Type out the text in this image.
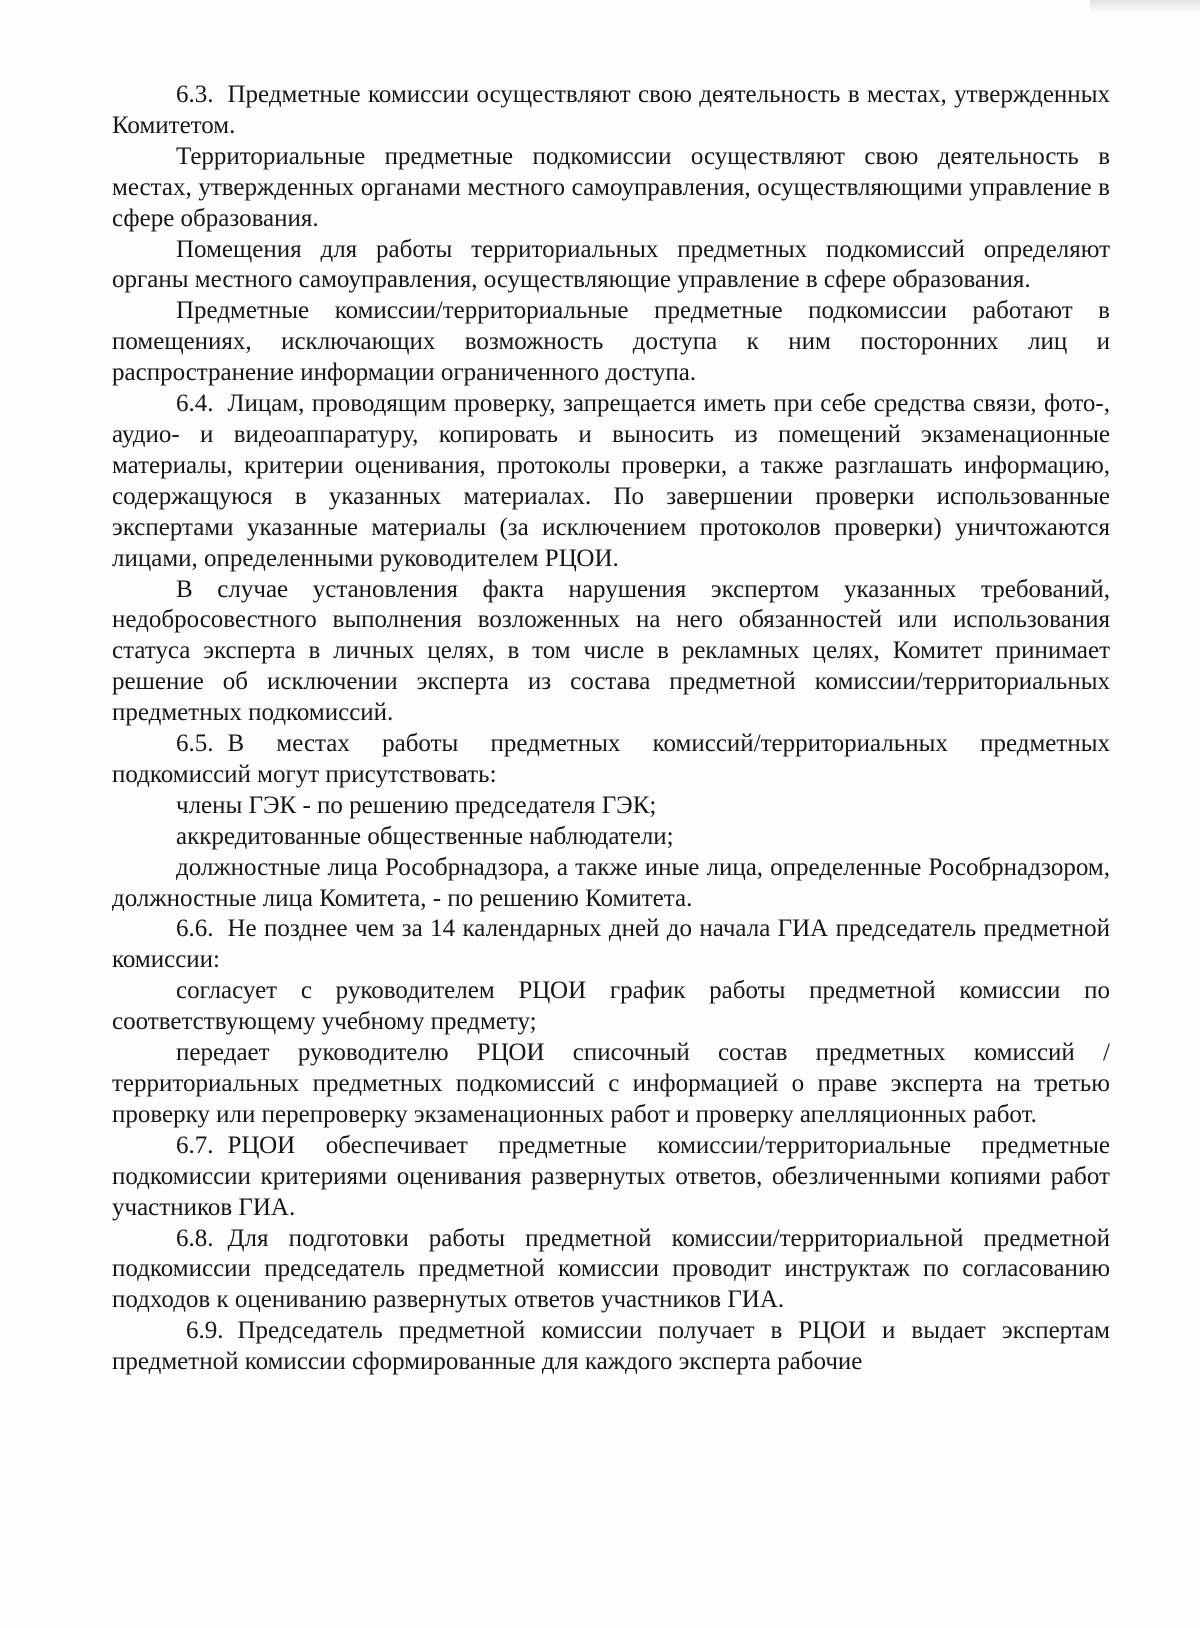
6.3. Предметные комиссии осуществляют свою деятельность в местах, утвержденных Комитетом.

Территориальные предметные подкомиссии осуществляют свою деятельность в местах, утвержденных органами местного самоуправления, осуществляющими управление в сфере образования.

Помещения для работы территориальных предметных подкомиссий определяют органы местного самоуправления, осуществляющие управление в сфере образования.

Предметные комиссии/территориальные предметные подкомиссии работают в помещениях, исключающих возможность доступа к ним посторонних лиц и распространение информации ограниченного доступа.

6.4. Лицам, проводящим проверку, запрещается иметь при себе средства связи, фото-, аудио- и видеоаппаратуру, копировать и выносить из помещений экзаменационные материалы, критерии оценивания, протоколы проверки, а также разглашать информацию, содержащуюся в указанных материалах. По завершении проверки использованные экспертами указанные материалы (за исключением протоколов проверки) уничтожаются лицами, определенными руководителем РЦОИ.

В случае установления факта нарушения экспертом указанных требований, недобросовестного выполнения возложенных на него обязанностей или использования статуса эксперта в личных целях, в том числе в рекламных целях, Комитет принимает решение об исключении эксперта из состава предметной комиссии/территориальных предметных подкомиссий.

6.5. В местах работы предметных комиссий/территориальных предметных подкомиссий могут присутствовать:

члены ГЭК - по решению председателя ГЭК;

аккредитованные общественные наблюдатели;

должностные лица Рособрнадзора, а также иные лица, определенные Рособрнадзором, должностные лица Комитета, - по решению Комитета.

6.6. Не позднее чем за 14 календарных дней до начала ГИА председатель предметной комиссии:

согласует с руководителем РЦОИ график работы предметной комиссии по соответствующему учебному предмету;

передает руководителю РЦОИ списочный состав предметных комиссий / территориальных предметных подкомиссий с информацией о праве эксперта на третью проверку или перепроверку экзаменационных работ и проверку апелляционных работ.

6.7. РЦОИ обеспечивает предметные комиссии/территориальные предметные подкомиссии критериями оценивания развернутых ответов, обезличенными копиями работ участников ГИА.

6.8. Для подготовки работы предметной комиссии/территориальной предметной подкомиссии председатель предметной комиссии проводит инструктаж по согласованию подходов к оцениванию развернутых ответов участников ГИА.

6.9. Председатель предметной комиссии получает в РЦОИ и выдает экспертам предметной комиссии сформированные для каждого эксперта рабочие
